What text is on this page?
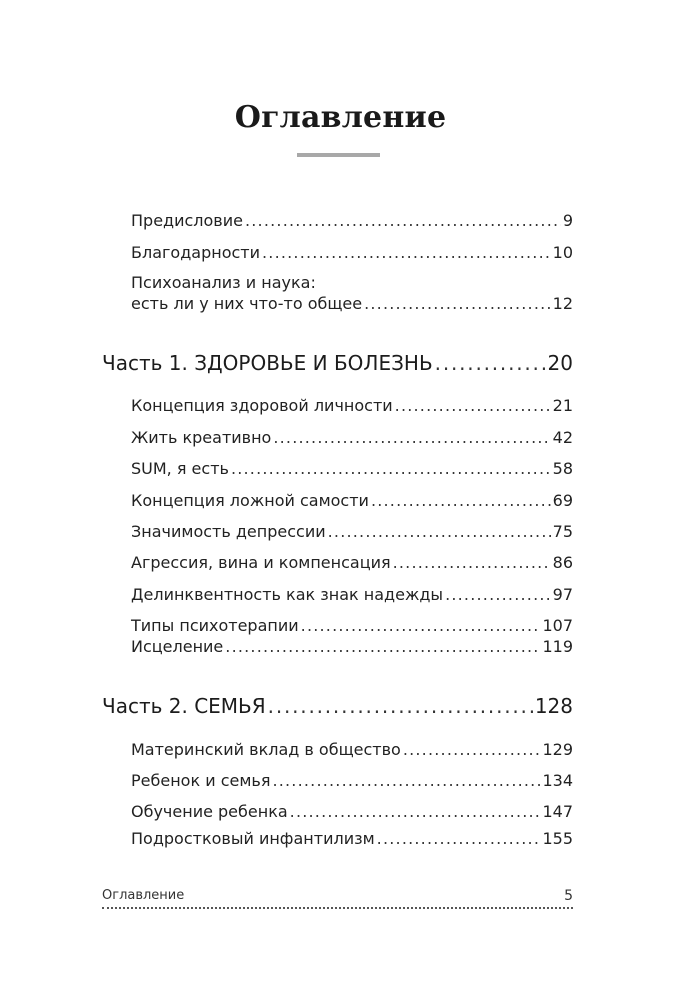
Оглавление
Предисловие .....	9
Благодарности .....	10
Психоанализ и наука:
есть ли у них что-то общее .....	12
Часть 1. ЗДОРОВЬЕ И БОЛЕЗНЬ .....	20
Концепция здоровой личности .....	21
Жить креативно .....	42
SUM, я есть .....	58
Концепция ложной самости .....	69
Значимость депрессии .....	75
Агрессия, вина и компенсация .....	86
Делинквентность как знак надежды .....	97
Типы психотерапии .....	107
Исцеление .....	119
Часть 2. СЕМЬЯ .....	128
Материнский вклад в общество .....	129
Ребенок и семья .....	134
Обучение ребенка .....	147
Подростковый инфантилизм .....	155
Оглавление	5
